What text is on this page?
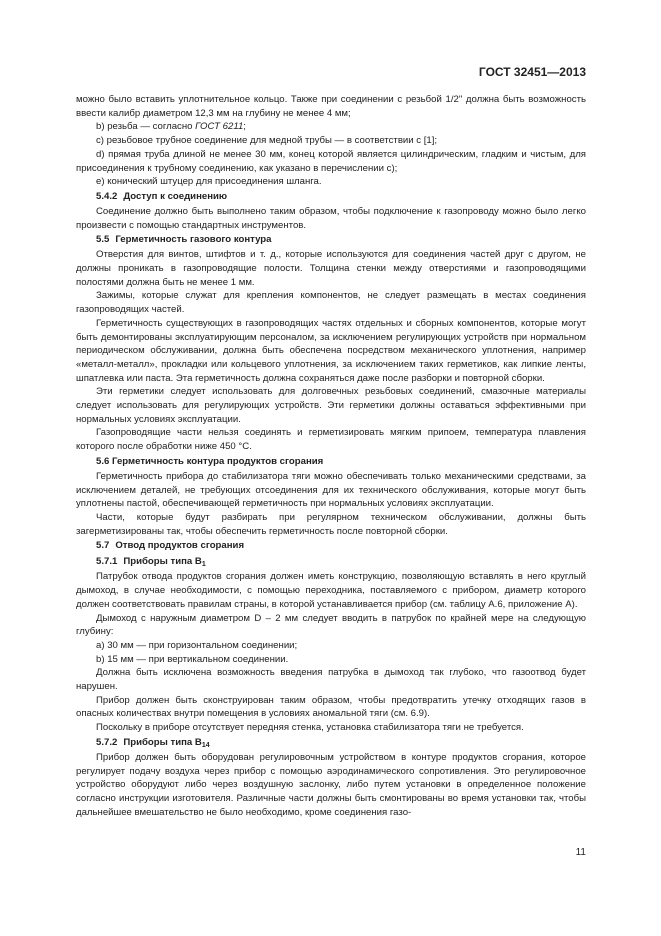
ГОСТ 32451—2013

можно было вставить уплотнительное кольцо. Также при соединении с резьбой 1/2" должна быть возможность ввести калибр диаметром 12,3 мм на глубину не менее 4 мм;

b) резьба — согласно ГОСТ 6211;

c) резьбовое трубное соединение для медной трубы — в соответствии с [1];

d) прямая труба длиной не менее 30 мм, конец которой является цилиндрическим, гладким и чистым, для присоединения к трубному соединению, как указано в перечислении c);

e) конический штуцер для присоединения шланга.

5.4.2 Доступ к соединению

Соединение должно быть выполнено таким образом, чтобы подключение к газопроводу можно было легко произвести с помощью стандартных инструментов.

5.5 Герметичность газового контура

Отверстия для винтов, штифтов и т. д., которые используются для соединения частей друг с другом, не должны проникать в газопроводящие полости. Толщина стенки между отверстиями и газопроводящими полостями должна быть не менее 1 мм.

Зажимы, которые служат для крепления компонентов, не следует размещать в местах соединения газопроводящих частей.

Герметичность существующих в газопроводящих частях отдельных и сборных компонентов, которые могут быть демонтированы эксплуатирующим персоналом, за исключением регулирующих устройств при нормальном периодическом обслуживании, должна быть обеспечена посредством механического уплотнения, например «металл-металл», прокладки или кольцевого уплотнения, за исключением таких герметиков, как липкие ленты, шпатлевка или паста. Эта герметичность должна сохраняться даже после разборки и повторной сборки.

Эти герметики следует использовать для долговечных резьбовых соединений, смазочные материалы следует использовать для регулирующих устройств. Эти герметики должны оставаться эффективными при нормальных условиях эксплуатации.

Газопроводящие части нельзя соединять и герметизировать мягким припоем, температура плавления которого после обработки ниже 450 °C.

5.6 Герметичность контура продуктов сгорания

Герметичность прибора до стабилизатора тяги можно обеспечивать только механическими средствами, за исключением деталей, не требующих отсоединения для их технического обслуживания, которые могут быть уплотнены пастой, обеспечивающей герметичность при нормальных условиях эксплуатации.

Части, которые будут разбирать при регулярном техническом обслуживании, должны быть загерметизированы так, чтобы обеспечить герметичность после повторной сборки.

5.7 Отвод продуктов сгорания
5.7.1 Приборы типа $B_1$

Патрубок отвода продуктов сгорания должен иметь конструкцию, позволяющую вставлять в него круглый дымоход, в случае необходимости, с помощью переходника, поставляемого с прибором, диаметр которого должен соответствовать правилам страны, в которой устанавливается прибор (см. таблицу А.6, приложение А).

Дымоход с наружным диаметром D – 2 мм следует вводить в патрубок по крайней мере на следующую глубину:

a) 30 мм — при горизонтальном соединении;

b) 15 мм — при вертикальном соединении.

Должна быть исключена возможность введения патрубка в дымоход так глубоко, что газоотвод будет нарушен.

Прибор должен быть сконструирован таким образом, чтобы предотвратить утечку отходящих газов в опасных количествах внутри помещения в условиях аномальной тяги (см. 6.9).

Поскольку в приборе отсутствует передняя стенка, установка стабилизатора тяги не требуется.

5.7.2 Приборы типа $B_{14}$

Прибор должен быть оборудован регулировочным устройством в контуре продуктов сгорания, которое регулирует подачу воздуха через прибор с помощью аэродинамического сопротивления. Это регулировочное устройство оборудуют либо через воздушную заслонку, либо путем установки в определенное положение согласно инструкции изготовителя. Различные части должны быть смонтированы во время установки так, чтобы дальнейшее вмешательство не было необходимо, кроме соединения газо-

11
